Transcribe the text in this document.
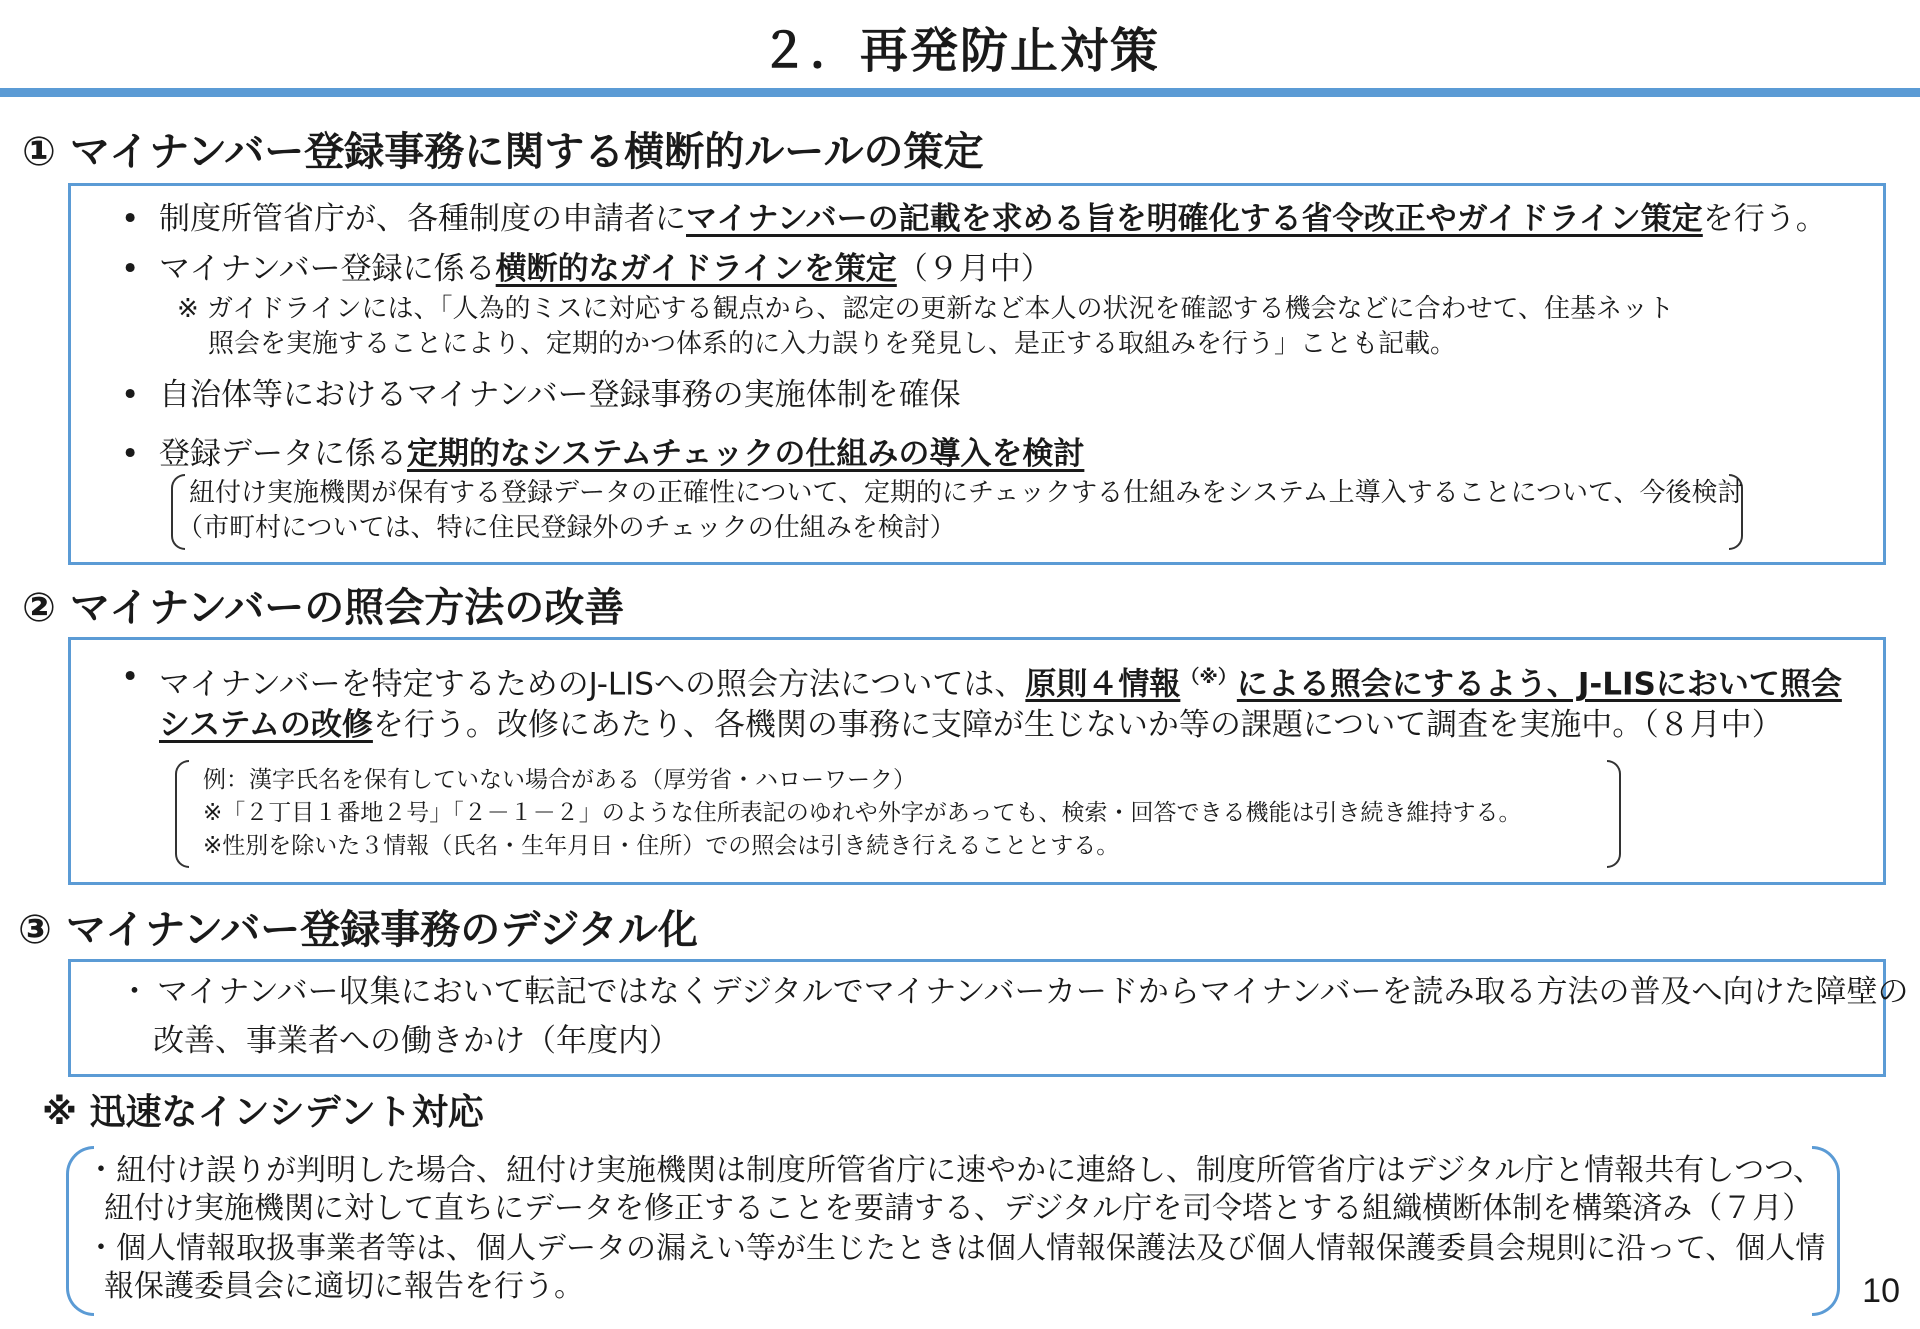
２．再発防止対策
① マイナンバー登録事務に関する横断的ルールの策定
• 制度所管省庁が、各種制度の申請者にマイナンバーの記載を求める旨を明確化する省令改正やガイドライン策定を行う。
• マイナンバー登録に係る横断的なガイドラインを策定（９月中）
※ ガイドラインには、「人為的ミスに対応する観点から、認定の更新など本人の状況を確認する機会などに合わせて、住基ネット
照会を実施することにより、定期的かつ体系的に入力誤りを発見し、是正する取組みを行う」ことも記載。
• 自治体等におけるマイナンバー登録事務の実施体制を確保
• 登録データに係る定期的なシステムチェックの仕組みの導入を検討
紐付け実施機関が保有する登録データの正確性について、定期的にチェックする仕組みをシステム上導入することについて、今後検討
（市町村については、特に住民登録外のチェックの仕組みを検討）
② マイナンバーの照会方法の改善
• マイナンバーを特定するためのJ-LISへの照会方法については、原則４情報（※）による照会にするよう、J-LISにおいて照会
システムの改修を行う。改修にあたり、各機関の事務に支障が生じないか等の課題について調査を実施中。（８月中）
例：漢字氏名を保有していない場合がある（厚労省・ハローワーク）
※「２丁目１番地２号」「２－１－２」のような住所表記のゆれや外字があっても、検索・回答できる機能は引き続き維持する。
※性別を除いた３情報（氏名・生年月日・住所）での照会は引き続き行えることとする。
③ マイナンバー登録事務のデジタル化
・ マイナンバー収集において転記ではなくデジタルでマイナンバーカードからマイナンバーを読み取る方法の普及へ向けた障壁の
改善、事業者への働きかけ（年度内）
※ 迅速なインシデント対応
・紐付け誤りが判明した場合、紐付け実施機関は制度所管省庁に速やかに連絡し、制度所管省庁はデジタル庁と情報共有しつつ、
紐付け実施機関に対して直ちにデータを修正することを要請する、デジタル庁を司令塔とする組織横断体制を構築済み（７月）
・個人情報取扱事業者等は、個人データの漏えい等が生じたときは個人情報保護法及び個人情報保護委員会規則に沿って、個人情
報保護委員会に適切に報告を行う。	10
